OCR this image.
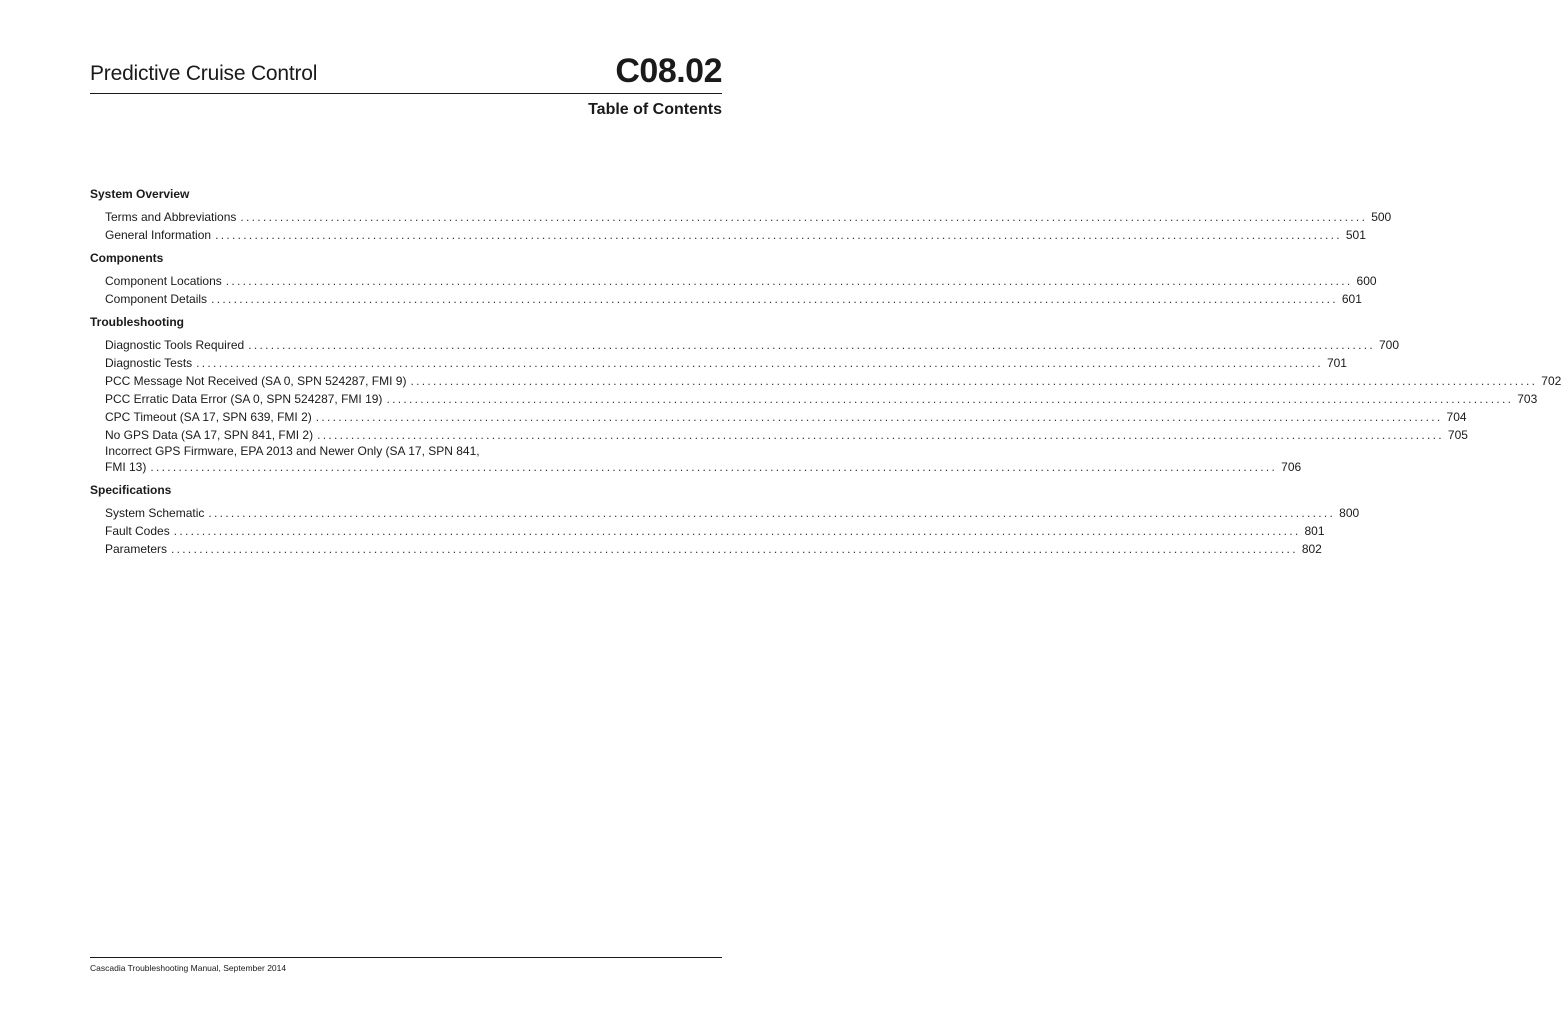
Predictive Cruise Control	C08.02
Table of Contents
System Overview
Terms and Abbreviations ........................................................................................................................................................................................................ 500
General Information ........................................................................................................................................................................................................ 501
Components
Component Locations ........................................................................................................................................................................................................ 600
Component Details ........................................................................................................................................................................................................ 601
Troubleshooting
Diagnostic Tools Required ........................................................................................................................................................................................................ 700
Diagnostic Tests ........................................................................................................................................................................................................ 701
PCC Message Not Received (SA 0, SPN 524287, FMI 9) ........................................................................................................................................................................................................ 702
PCC Erratic Data Error (SA 0, SPN 524287, FMI 19) ........................................................................................................................................................................................................ 703
CPC Timeout (SA 17, SPN 639, FMI 2) ........................................................................................................................................................................................................ 704
No GPS Data (SA 17, SPN 841, FMI 2) ........................................................................................................................................................................................................ 705
Incorrect GPS Firmware, EPA 2013 and Newer Only (SA 17, SPN 841,
FMI 13) ........................................................................................................................................................................................................ 706
Specifications
System Schematic ........................................................................................................................................................................................................ 800
Fault Codes ........................................................................................................................................................................................................ 801
Parameters ........................................................................................................................................................................................................ 802
Cascadia Troubleshooting Manual, September 2014
